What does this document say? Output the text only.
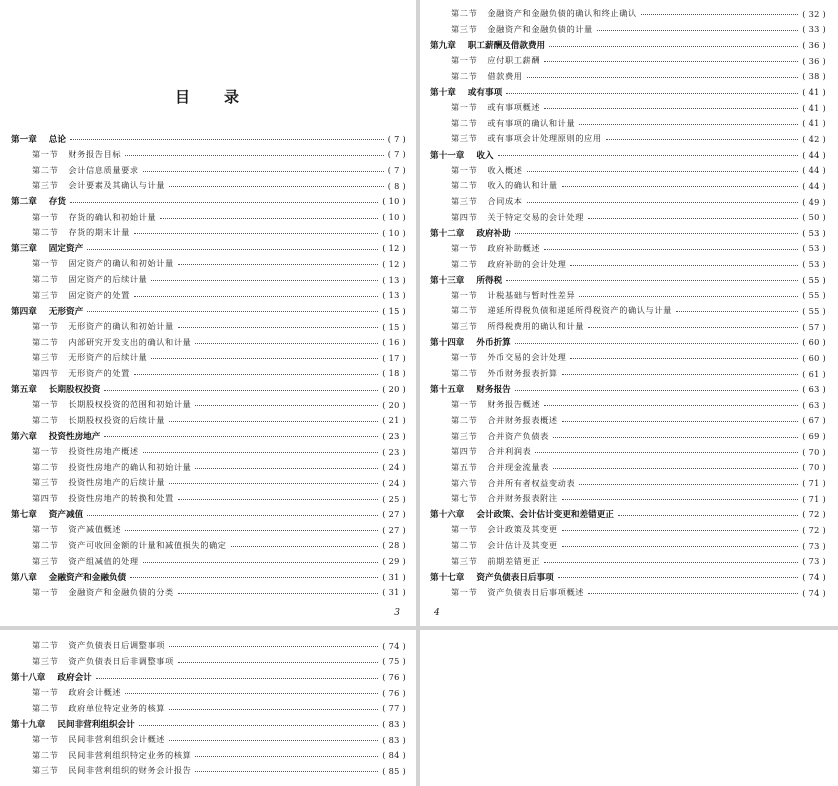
目 录
第一章 总论	( 7 )
第一节 财务报告目标	( 7 )
第二节 会计信息质量要求	( 7 )
第三节 会计要素及其确认与计量	( 8 )
第二章 存货	( 10 )
第一节 存货的确认和初始计量	( 10 )
第二节 存货的期末计量	( 10 )
第三章 固定资产	( 12 )
第一节 固定资产的确认和初始计量	( 12 )
第二节 固定资产的后续计量	( 13 )
第三节 固定资产的处置	( 13 )
第四章 无形资产	( 15 )
第一节 无形资产的确认和初始计量	( 15 )
第二节 内部研究开发支出的确认和计量	( 16 )
第三节 无形资产的后续计量	( 17 )
第四节 无形资产的处置	( 18 )
第五章 长期股权投资	( 20 )
第一节 长期股权投资的范围和初始计量	( 20 )
第二节 长期股权投资的后续计量	( 21 )
第六章 投资性房地产	( 23 )
第一节 投资性房地产概述	( 23 )
第二节 投资性房地产的确认和初始计量	( 24 )
第三节 投资性房地产的后续计量	( 24 )
第四节 投资性房地产的转换和处置	( 25 )
第七章 资产减值	( 27 )
第一节 资产减值概述	( 27 )
第二节 资产可收回金额的计量和减值损失的确定	( 28 )
第三节 资产组减值的处理	( 29 )
第八章 金融资产和金融负债	( 31 )
第一节 金融资产和金融负债的分类	( 31 )
3
第二节 金融资产和金融负债的确认和终止确认	( 32 )
第三节 金融资产和金融负债的计量	( 33 )
第九章 职工薪酬及借款费用	( 36 )
第一节 应付职工薪酬	( 36 )
第二节 借款费用	( 38 )
第十章 或有事项	( 41 )
第一节 或有事项概述	( 41 )
第二节 或有事项的确认和计量	( 41 )
第三节 或有事项会计处理原则的应用	( 42 )
第十一章 收入	( 44 )
第一节 收入概述	( 44 )
第二节 收入的确认和计量	( 44 )
第三节 合同成本	( 49 )
第四节 关于特定交易的会计处理	( 50 )
第十二章 政府补助	( 53 )
第一节 政府补助概述	( 53 )
第二节 政府补助的会计处理	( 53 )
第十三章 所得税	( 55 )
第一节 计税基础与暂时性差异	( 55 )
第二节 递延所得税负债和递延所得税资产的确认与计量	( 55 )
第三节 所得税费用的确认和计量	( 57 )
第十四章 外币折算	( 60 )
第一节 外币交易的会计处理	( 60 )
第二节 外币财务报表折算	( 61 )
第十五章 财务报告	( 63 )
第一节 财务报告概述	( 63 )
第二节 合并财务报表概述	( 67 )
第三节 合并资产负债表	( 69 )
第四节 合并利润表	( 70 )
第五节 合并现金流量表	( 70 )
第六节 合并所有者权益变动表	( 71 )
第七节 合并财务报表附注	( 71 )
第十六章 会计政策、会计估计变更和差错更正	( 72 )
第一节 会计政策及其变更	( 72 )
第二节 会计估计及其变更	( 73 )
第三节 前期差错更正	( 73 )
第十七章 资产负债表日后事项	( 74 )
第一节 资产负债表日后事项概述	( 74 )
4
第二节 资产负债表日后调整事项	( 74 )
第三节 资产负债表日后非调整事项	( 75 )
第十八章 政府会计	( 76 )
第一节 政府会计概述	( 76 )
第二节 政府单位特定业务的核算	( 77 )
第十九章 民间非营利组织会计	( 83 )
第一节 民间非营利组织会计概述	( 83 )
第二节 民间非营利组织特定业务的核算	( 84 )
第三节 民间非营利组织的财务会计报告	( 85 )
